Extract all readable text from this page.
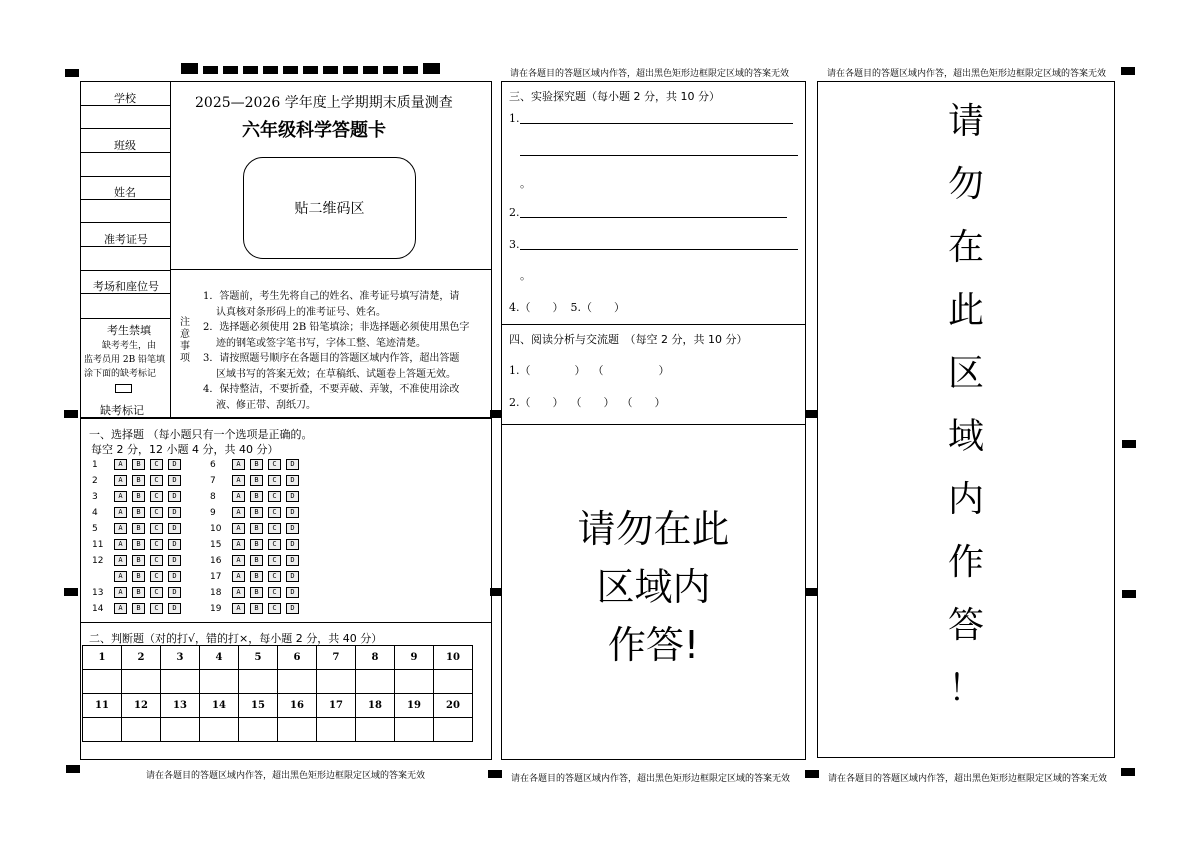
请在各题目的答题区域内作答，超出黑色矩形边框限定区域的答案无效	请在各题目的答题区域内作答，超出黑色矩形边框限定区域的答案无效
请在各题目的答题区域内作答，超出黑色矩形边框限定区域的答案无效	请在各题目的答题区域内作答，超出黑色矩形边框限定区域的答案无效	请在各题目的答题区域内作答，超出黑色矩形边框限定区域的答案无效
学校
班级
姓名
准考证号
考场和座位号
考生禁填
缺考考生，由
监考员用 2B 铅笔填
涂下面的缺考标记
缺考标记
2025—2026 学年度上学期期末质量测查
六年级科学答题卡
贴二维码区
注
意
事
项
1．答题前，考生先将自己的姓名、准考证号填写清楚，请
认真核对条形码上的准考证号、姓名。
2．选择题必须使用 2B 铅笔填涂；非选择题必须使用黑色字
迹的钢笔或签字笔书写，字体工整、笔迹清楚。
3．请按照题号顺序在各题目的答题区域内作答，超出答题
区域书写的答案无效；在草稿纸、试题卷上答题无效。
4．保持整洁，不要折叠，不要弄破、弄皱，不准使用涂改
液、修正带、刮纸刀。
一、选择题 （每小题只有一个选项是正确的。
每空 2 分，12 小题 4 分，共 40 分）
1	A B C D
2	A B C D
3	A B C D
4	A B C D
5	A B C D
11 A B C D
12 A B C D
A B C D
13 A B C D
14 A B C D
6	A B C D
7	A B C D
8	A B C D
9	A B C D
10 A B C D
15 A B C D
16 A B C D
17 A B C D
18 A B C D
19 A B C D
二、判断题（对的打√，错的打×，每小题 2 分，共 40 分）
1	2	3	4	5	6	7	8	9	10

11	12	13	14	15	16	17	18	19	20

三、实验探究题（每小题 2 分，共 10 分）
1.
。
2.
3.
。
4.（　　）  5.（　　）
四、阅读分析与交流题　（每空 2 分，共 10 分）
1.（　　　　）  （　　　　　）
2.（　　）  （　　）  （　　）
请勿在此
区域内
作答!
请
勿
在
此
区
域
内
作
答
！
